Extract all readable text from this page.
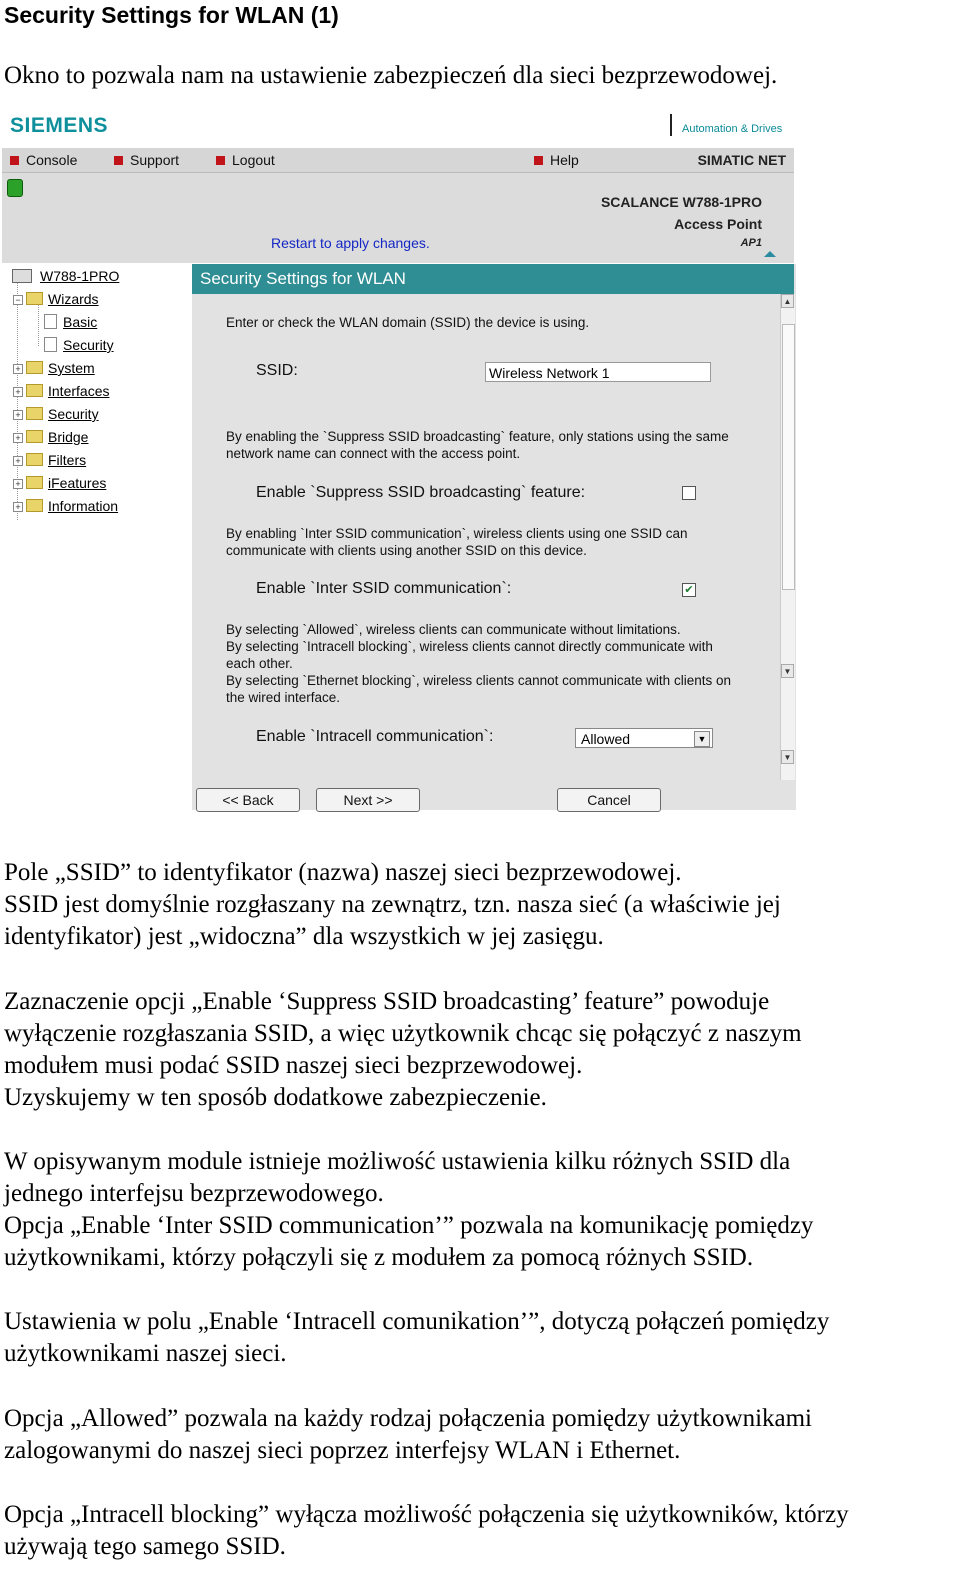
Security Settings for WLAN (1)
Okno to pozwala nam na ustawienie zabezpieczeń dla sieci bezprzewodowej.
SIEMENS	Automation & Drives
Console	Support	Logout	Help	SIMATIC NET
Restart to apply changes.
SCALANCE W788-1PRO
Access Point
AP1
W788-1PRO
−	Wizards
Basic
Security
+	System
+	Interfaces
+	Security
+	Bridge
+	Filters
+	iFeatures
+	Information
Security Settings for WLAN
Enter or check the WLAN domain (SSID) the device is using.
SSID:	Wireless Network 1
By enabling the `Suppress SSID broadcasting` feature, only stations using the same
network name can connect with the access point.
Enable `Suppress SSID broadcasting` feature:
By enabling `Inter SSID communication`, wireless clients using one SSID can
communicate with clients using another SSID on this device.
Enable `Inter SSID communication`:	✔
By selecting `Allowed`, wireless clients can communicate without limitations.
By selecting `Intracell blocking`, wireless clients cannot directly communicate with
each other.
By selecting `Ethernet blocking`, wireless clients cannot communicate with clients on
the wired interface.
Enable `Intracell communication`:	Allowed	▼
▲
▼
▼
<< Back	Next >>	Cancel

Pole „SSID” to identyfikator (nazwa) naszej sieci bezprzewodowej.

SSID jest domyślnie rozgłaszany na zewnątrz, tzn. nasza sieć (a właściwie jej

identyfikator) jest „widoczna” dla wszystkich w jej zasięgu.

Zaznaczenie opcji „Enable ‘Suppress SSID broadcasting’ feature” powoduje

wyłączenie rozgłaszania SSID, a więc użytkownik chcąc się połączyć z naszym

modułem musi podać SSID naszej sieci bezprzewodowej.

Uzyskujemy w ten sposób dodatkowe zabezpieczenie.

W opisywanym module istnieje możliwość ustawienia kilku różnych SSID dla

jednego interfejsu bezprzewodowego.

Opcja „Enable ‘Inter SSID communication’” pozwala na komunikację pomiędzy

użytkownikami, którzy połączyli się z modułem za pomocą różnych SSID.

Ustawienia w polu „Enable ‘Intracell comunikation’”, dotyczą połączeń pomiędzy

użytkownikami naszej sieci.

Opcja „Allowed” pozwala na każdy rodzaj połączenia pomiędzy użytkownikami

zalogowanymi do naszej sieci poprzez interfejsy WLAN i Ethernet.

Opcja „Intracell blocking” wyłącza możliwość połączenia się użytkowników, którzy

używają tego samego SSID.
